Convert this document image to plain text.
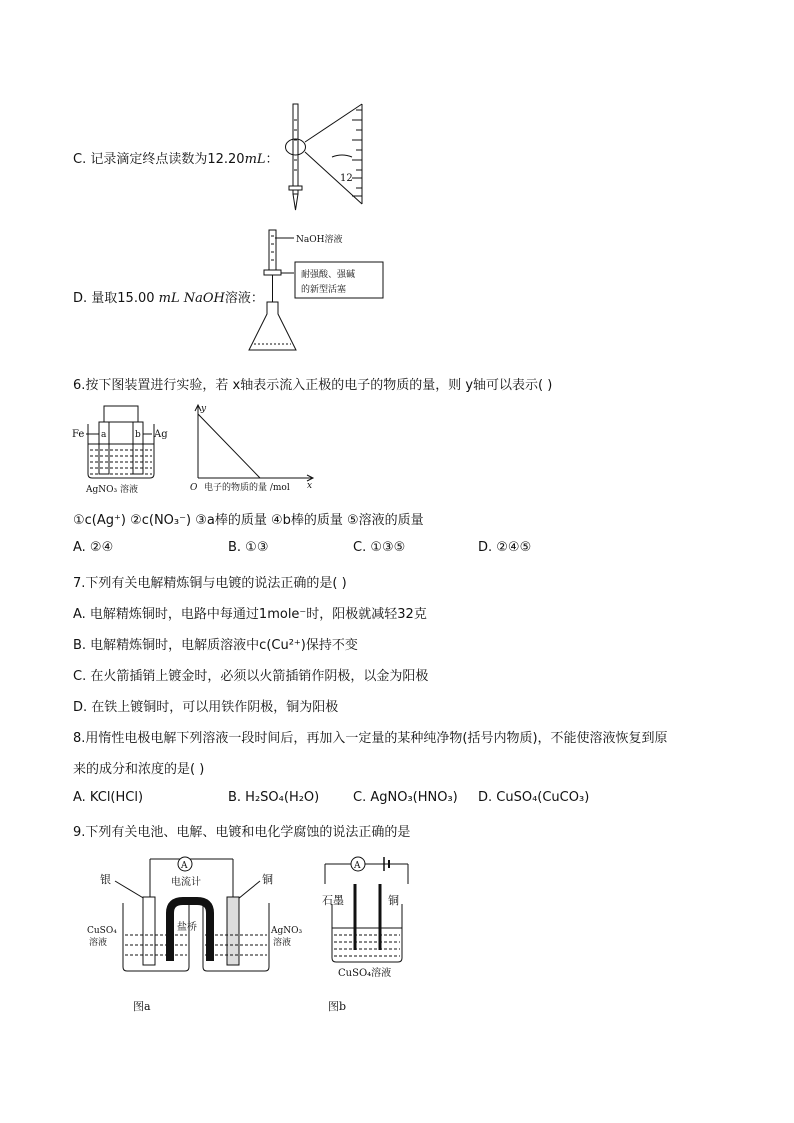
C. 记录滴定终点读数为12.20mL：
12
D. 量取15.00 mL NaOH溶液：
NaOH溶液
耐强酸、强碱
的新型活塞
6.按下图装置进行实验，若 x轴表示流入正极的电子的物质的量，则 y轴可以表示( )
a	b
Fe	Ag
AgNO₃ 溶液
y
O 电子的物质的量 /mol x
①c(Ag⁺) ②c(NO₃⁻) ③a棒的质量 ④b棒的质量 ⑤溶液的质量
A. ②④	B. ①③	C. ①③⑤	D. ②④⑤
7.下列有关电解精炼铜与电镀的说法正确的是( )
A. 电解精炼铜时，电路中每通过1mole⁻时，阳极就减轻32克
B. 电解精炼铜时，电解质溶液中c(Cu²⁺)保持不变
C. 在火箭插销上镀金时，必须以火箭插销作阴极，以金为阳极
D. 在铁上镀铜时，可以用铁作阴极，铜为阳极
8.用惰性电极电解下列溶液一段时间后，再加入一定量的某种纯净物(括号内物质)，不能使溶液恢复到原
来的成分和浓度的是( )
A. KCl(HCl)	B. H₂SO₄(H₂O)	C. AgNO₃(HNO₃) D. CuSO₄(CuCO₃)
9.下列有关电池、电解、电镀和电化学腐蚀的说法正确的是
A
电流计
银	铜
盐桥
CuSO₄
溶液
AgNO₃
溶液
图a
A
石墨	铜
CuSO₄溶液
图b
